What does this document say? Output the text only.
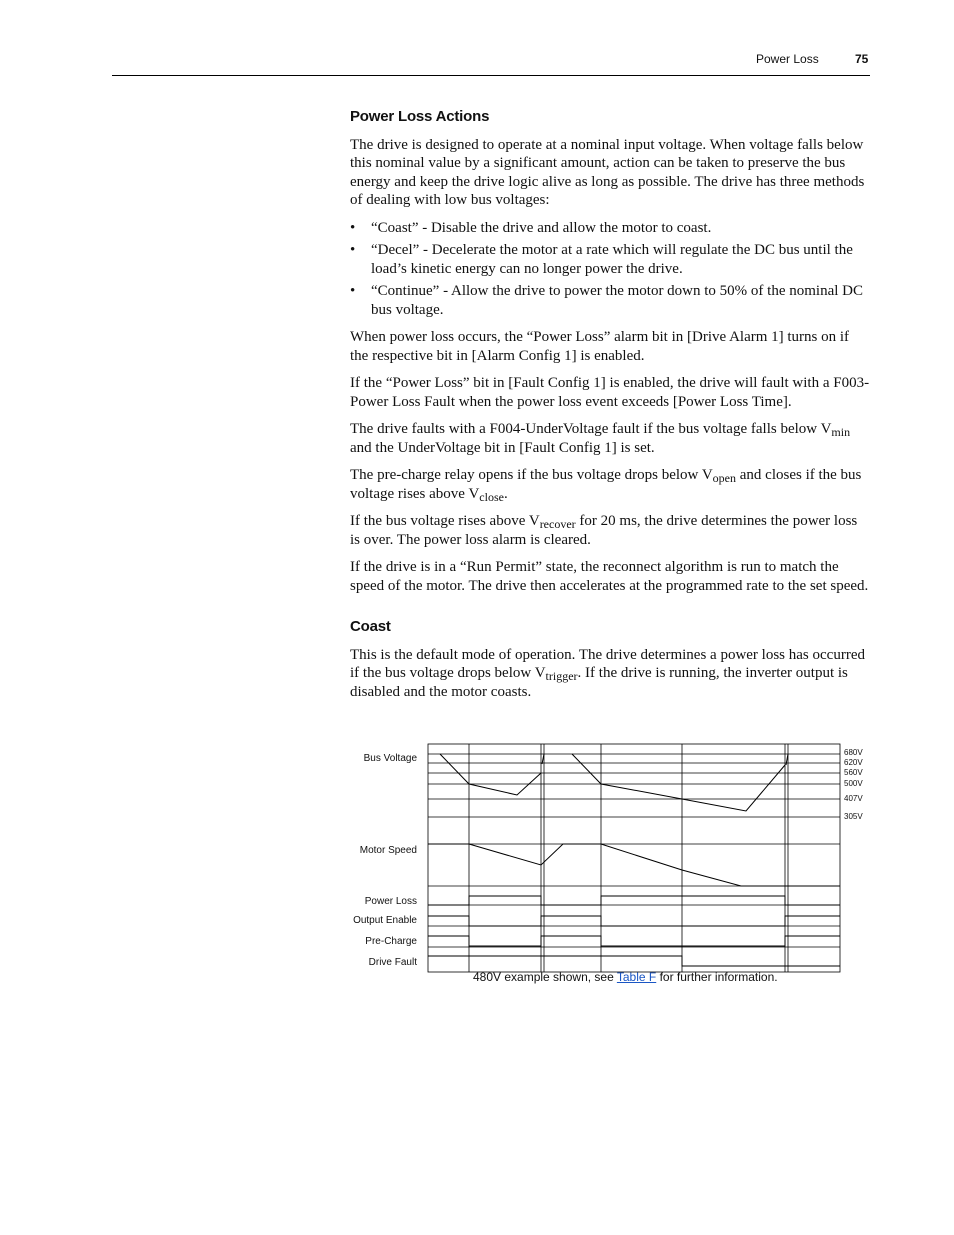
Power Loss	75
Power Loss Actions

The drive is designed to operate at a nominal input voltage. When voltage falls below this nominal value by a significant amount, action can be taken to preserve the bus energy and keep the drive logic alive as long as possible. The drive has three methods of dealing with low bus voltages:

• “Coast” - Disable the drive and allow the motor to coast.
• “Decel” - Decelerate the motor at a rate which will regulate the DC bus until the load’s kinetic energy can no longer power the drive.
• “Continue” - Allow the drive to power the motor down to 50% of the nominal DC bus voltage.

When power loss occurs, the “Power Loss” alarm bit in [Drive Alarm 1] turns on if the respective bit in [Alarm Config 1] is enabled.

If the “Power Loss” bit in [Fault Config 1] is enabled, the drive will fault with a F003-Power Loss Fault when the power loss event exceeds [Power Loss Time].

The drive faults with a F004-UnderVoltage fault if the bus voltage falls below $V_{min}$ and the UnderVoltage bit in [Fault Config 1] is set.

The pre-charge relay opens if the bus voltage drops below $V_{open}$ and closes if the bus voltage rises above $V_{close}$.

If the bus voltage rises above $V_{recover}$ for 20 ms, the drive determines the power loss is over. The power loss alarm is cleared.

If the drive is in a “Run Permit” state, the reconnect algorithm is run to match the speed of the motor. The drive then accelerates at the programmed rate to the set speed.

Coast

This is the default mode of operation. The drive determines a power loss has occurred if the bus voltage drops below $V_{trigger}$. If the drive is running, the inverter output is disabled and the motor coasts.

Bus Voltage
Motor Speed
Power Loss
Output Enable
Pre-Charge
Drive Fault
680V
620V
560V
500V
407V
305V
480V example shown, see Table F for further information.
